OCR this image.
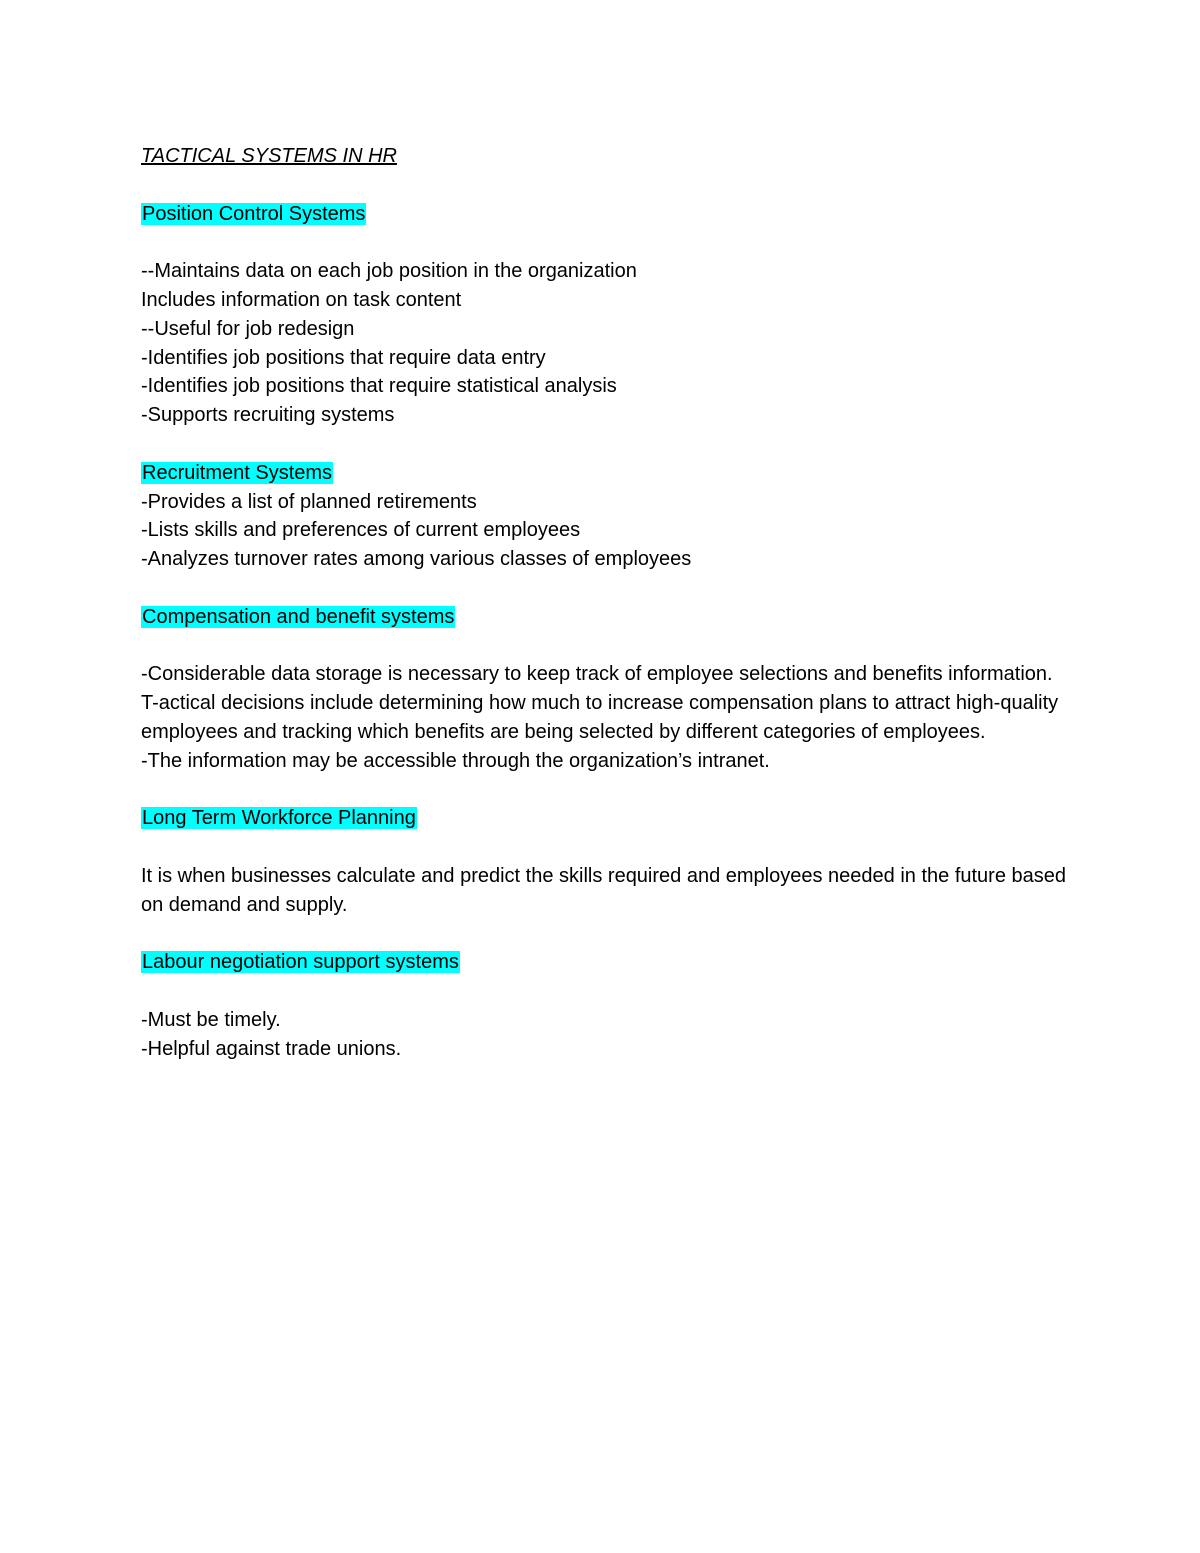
TACTICAL SYSTEMS IN HR
Position Control Systems
--Maintains data on each job position in the organization
Includes information on task content
--Useful for job redesign
-Identifies job positions that require data entry
-Identifies job positions that require statistical analysis
-Supports recruiting systems
Recruitment Systems
-Provides a list of planned retirements
-Lists skills and preferences of current employees
-Analyzes turnover rates among various classes of employees
Compensation and benefit systems
-Considerable data storage is necessary to keep track of employee selections and benefits information.
T-actical decisions include determining how much to increase compensation plans to attract high-quality employees and tracking which benefits are being selected by different categories of employees.
-The information may be accessible through the organization’s intranet.
Long Term Workforce Planning
It is when businesses calculate and predict the skills required and employees needed in the future based on demand and supply.
Labour negotiation support systems
-Must be timely.
-Helpful against trade unions.
